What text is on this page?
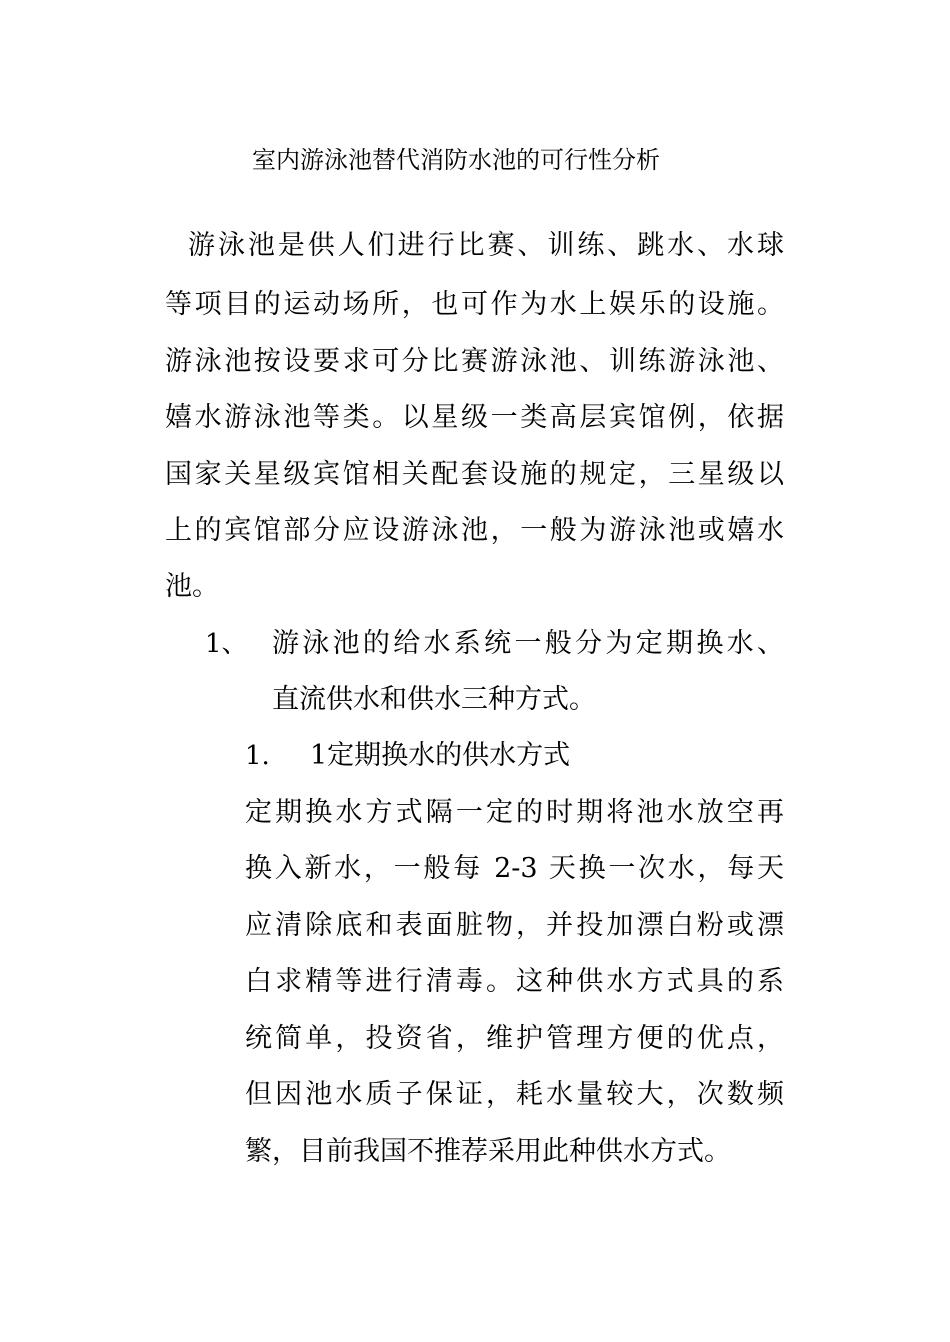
室内游泳池替代消防水池的可行性分析
游泳池是供人们进行比赛、训练、跳水、水球
等项目的运动场所，也可作为水上娱乐的设施。
游泳池按设要求可分比赛游泳池、训练游泳池、
嬉水游泳池等类。以星级一类高层宾馆例，依据
国家关星级宾馆相关配套设施的规定，三星级以
上的宾馆部分应设游泳池，一般为游泳池或嬉水
池。
1、 游泳池的给水系统一般分为定期换水、
直流供水和供水三种方式。
1. 1定期换水的供水方式
定期换水方式隔一定的时期将池水放空再
换入新水，一般每 2-3 天换一次水，每天
应清除底和表面脏物，并投加漂白粉或漂
白求精等进行清毒。这种供水方式具的系
统简单，投资省，维护管理方便的优点，
但因池水质子保证，耗水量较大，次数频
繁，目前我国不推荐采用此种供水方式。
